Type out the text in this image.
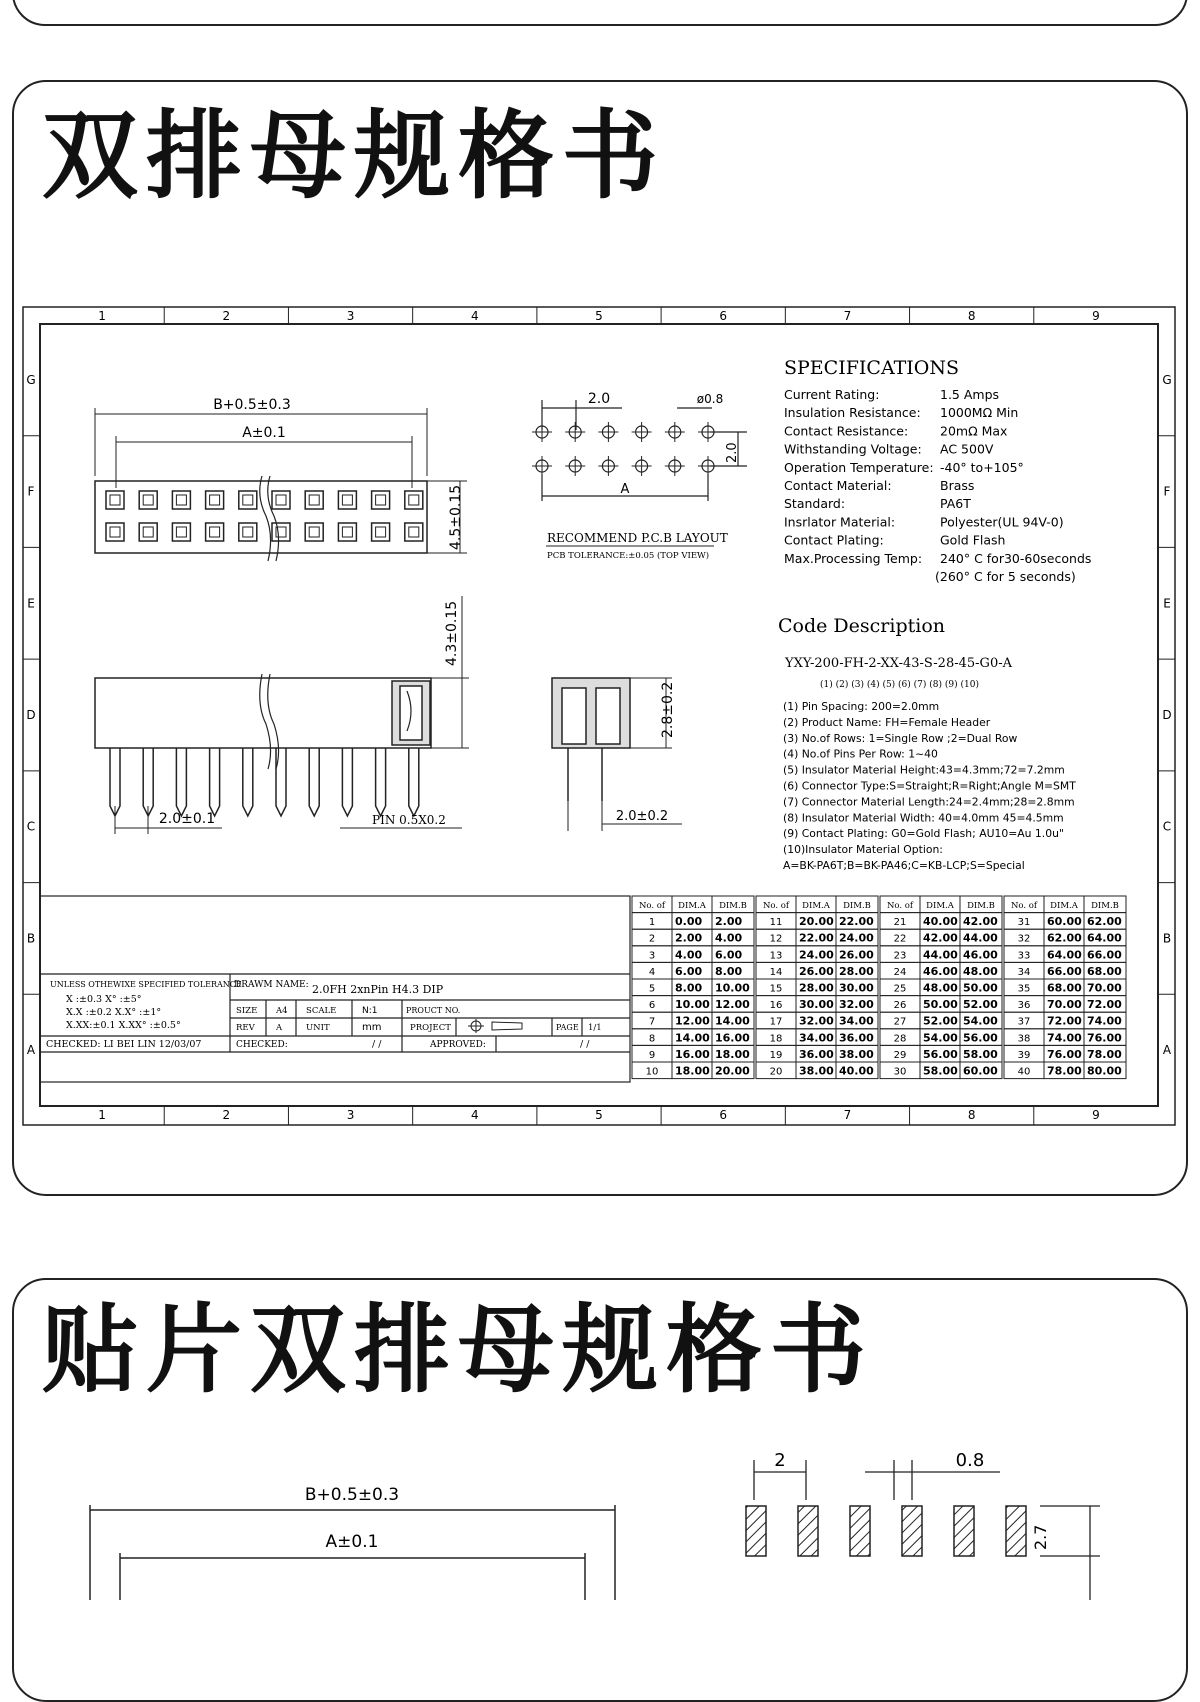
双排母规格书
贴片双排母规格书
1	2	3	4	5	6	7	8	9
1	2	3	4	5	6	7	8	9
G
F
E
D
C
B
A
G
F
E
D
C
B
A
B+0.5±0.3
A±0.1
4.5±0.15
2.0	ø0.8
2.0
A
RECOMMEND P.C.B LAYOUT
PCB TOLERANCE:±0.05 (TOP VIEW)
4.3±0.15
2.0±0.1	PIN 0.5X0.2
2.8±0.2
2.0±0.2
SPECIFICATIONS
Current Rating:	1.5 Amps
Insulation Resistance: 1000MΩ Min
Contact Resistance:	20mΩ Max
Withstanding Voltage: AC 500V
Operation Temperature: -40° to+105°
Contact Material:	Brass
Standard:	PA6T
Insrlator Material:	Polyester(UL 94V-0)
Contact Plating:	Gold Flash
Max.Processing Temp: 240° C for30-60seconds
(260° C for 5 seconds)
Code Description
YXY-200-FH-2-XX-43-S-28-45-G0-A
(1) (2) (3) (4) (5) (6) (7) (8) (9) (10)
(1) Pin Spacing: 200=2.0mm
(2) Product Name: FH=Female Header
(3) No.of Rows: 1=Single Row ;2=Dual Row
(4) No.of Pins Per Row: 1~40
(5) Insulator Material Height:43=4.3mm;72=7.2mm
(6) Connector Type:S=Straight;R=Right;Angle M=SMT
(7) Connector Material Length:24=2.4mm;28=2.8mm
(8) Insulator Material Width: 40=4.0mm 45=4.5mm
(9) Contact Plating: G0=Gold Flash; AU10=Au 1.0u"
(10)Insulator Material Option:
A=BK-PA6T;B=BK-PA46;C=KB-LCP;S=Special
UNLESS OTHEWIXE SPECIFIED TOLERANCE
X :±0.3 X° :±5°
X.X :±0.2 X.X° :±1°
X.XX:±0.1 X.XX° :±0.5°
CHECKED: LI BEI LIN 12/03/07
DRAWM NAME: 2.0FH 2xnPin H4.3 DIP
SIZE A4 SCALE	N:1	PROUCT NO.
REV	A	UNIT	mm	PROJECT	PAGE 1/1
CHECKED:	/ /	APPROVED:	/ /
No. of DIM.A DIM.B
1 0.00 2.00
2 2.00 4.00
3 4.00 6.00
4 6.00 8.00
5 8.00 10.00
6 10.00 12.00
7 12.00 14.00
8 14.00 16.00
9 16.00 18.00
10 18.00 20.00
No. of DIM.A DIM.B
11 20.00 22.00
12 22.00 24.00
13 24.00 26.00
14 26.00 28.00
15 28.00 30.00
16 30.00 32.00
17 32.00 34.00
18 34.00 36.00
19 36.00 38.00
20 38.00 40.00
No. of DIM.A DIM.B
21 40.00 42.00
22 42.00 44.00
23 44.00 46.00
24 46.00 48.00
25 48.00 50.00
26 50.00 52.00
27 52.00 54.00
28 54.00 56.00
29 56.00 58.00
30 58.00 60.00
No. of DIM.A DIM.B
31 60.00 62.00
32 62.00 64.00
33 64.00 66.00
34 66.00 68.00
35 68.00 70.00
36 70.00 72.00
37 72.00 74.00
38 74.00 76.00
39 76.00 78.00
40 78.00 80.00
B+0.5±0.3
A±0.1
2	0.8
2.7
